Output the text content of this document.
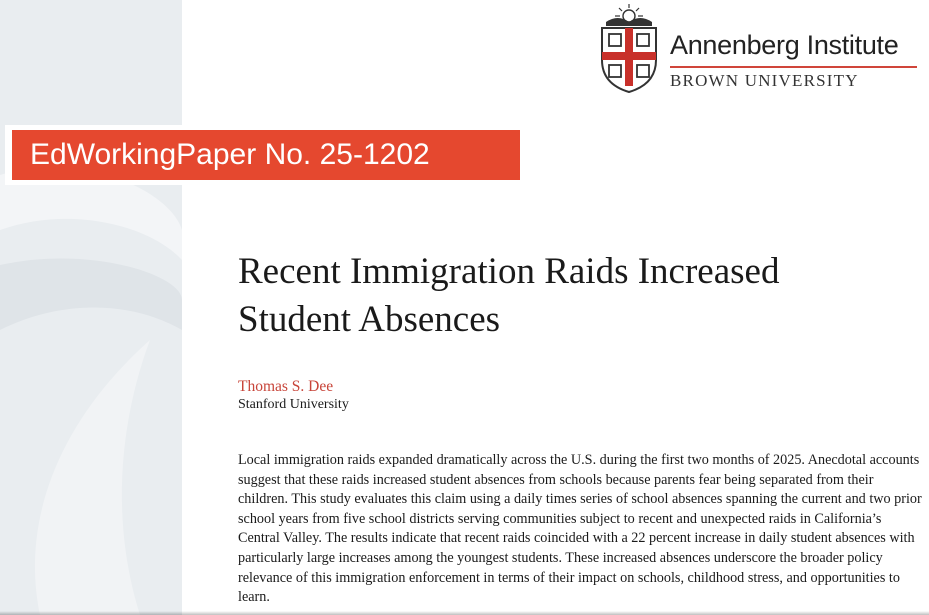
Annenberg Institute
BROWN UNIVERSITY
EdWorkingPaper No. 25-1202
Recent Immigration Raids Increased Student Absences
Thomas S. Dee
Stanford University
Local immigration raids expanded dramatically across the U.S. during the first two months of 2025. Anecdotal accounts suggest that these raids increased student absences from schools because parents fear being separated from their children. This study evaluates this claim using a daily times series of school absences spanning the current and two prior school years from five school districts serving communities subject to recent and unexpected raids in California’s Central Valley. The results indicate that recent raids coincided with a 22 percent increase in daily student absences with particularly large increases among the youngest students. These increased absences underscore the broader policy relevance of this immigration enforcement in terms of their impact on schools, childhood stress, and opportunities to learn.
